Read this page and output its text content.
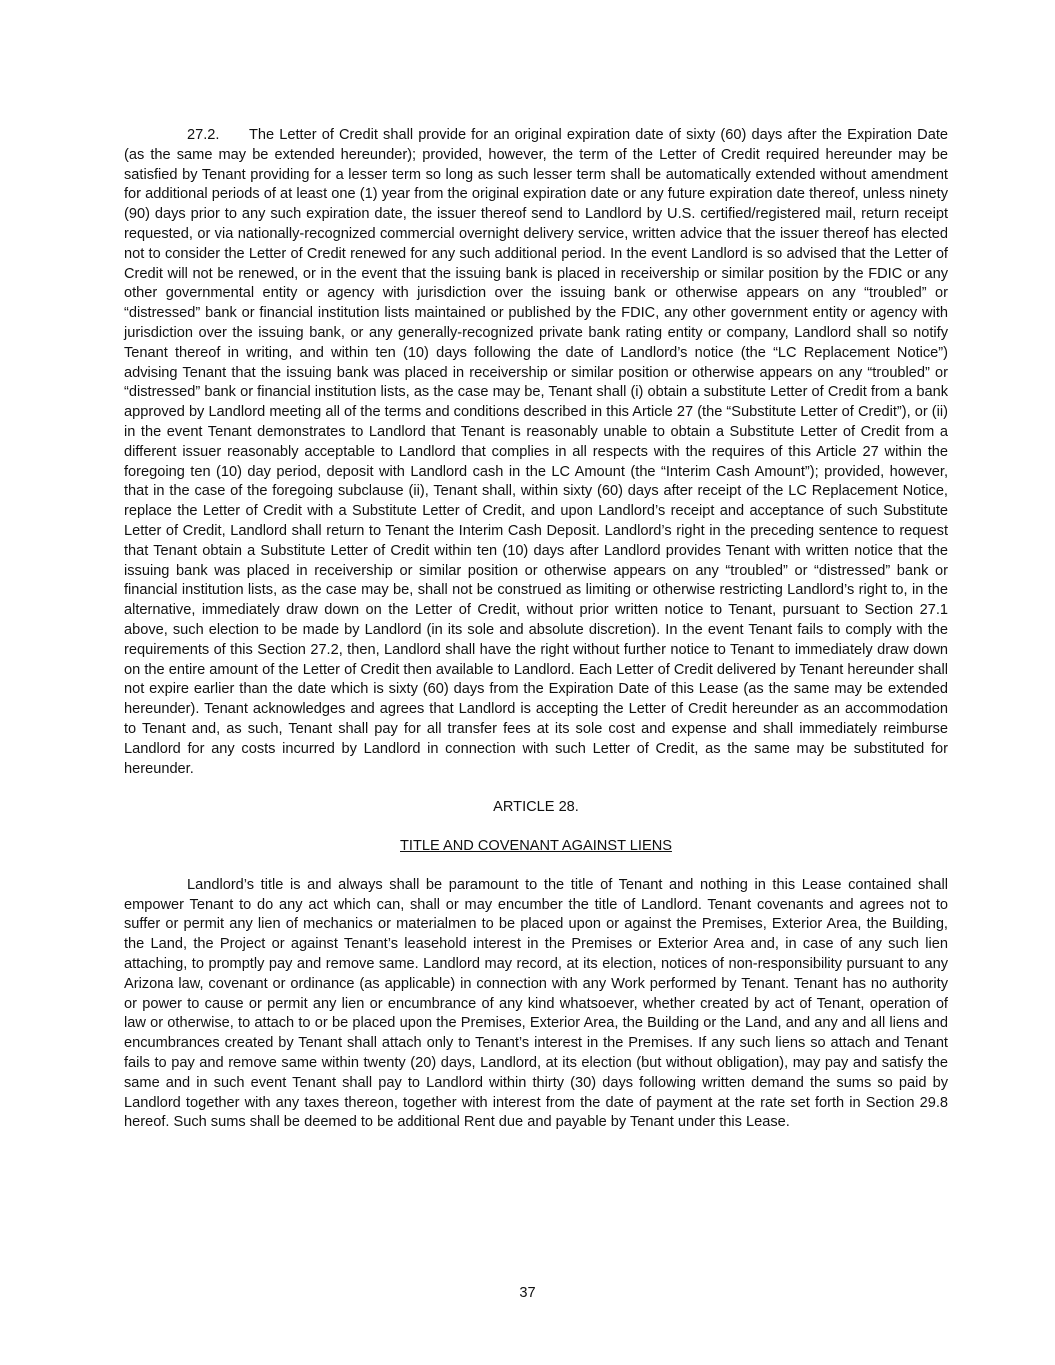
27.2. The Letter of Credit shall provide for an original expiration date of sixty (60) days after the Expiration Date (as the same may be extended hereunder); provided, however, the term of the Letter of Credit required hereunder may be satisfied by Tenant providing for a lesser term so long as such lesser term shall be automatically extended without amendment for additional periods of at least one (1) year from the original expiration date or any future expiration date thereof, unless ninety (90) days prior to any such expiration date, the issuer thereof send to Landlord by U.S. certified/registered mail, return receipt requested, or via nationally-recognized commercial overnight delivery service, written advice that the issuer thereof has elected not to consider the Letter of Credit renewed for any such additional period. In the event Landlord is so advised that the Letter of Credit will not be renewed, or in the event that the issuing bank is placed in receivership or similar position by the FDIC or any other governmental entity or agency with jurisdiction over the issuing bank or otherwise appears on any “troubled” or “distressed” bank or financial institution lists maintained or published by the FDIC, any other government entity or agency with jurisdiction over the issuing bank, or any generally-recognized private bank rating entity or company, Landlord shall so notify Tenant thereof in writing, and within ten (10) days following the date of Landlord’s notice (the “LC Replacement Notice”) advising Tenant that the issuing bank was placed in receivership or similar position or otherwise appears on any “troubled” or “distressed” bank or financial institution lists, as the case may be, Tenant shall (i) obtain a substitute Letter of Credit from a bank approved by Landlord meeting all of the terms and conditions described in this Article 27 (the “Substitute Letter of Credit”), or (ii) in the event Tenant demonstrates to Landlord that Tenant is reasonably unable to obtain a Substitute Letter of Credit from a different issuer reasonably acceptable to Landlord that complies in all respects with the requires of this Article 27 within the foregoing ten (10) day period, deposit with Landlord cash in the LC Amount (the “Interim Cash Amount”); provided, however, that in the case of the foregoing subclause (ii), Tenant shall, within sixty (60) days after receipt of the LC Replacement Notice, replace the Letter of Credit with a Substitute Letter of Credit, and upon Landlord’s receipt and acceptance of such Substitute Letter of Credit, Landlord shall return to Tenant the Interim Cash Deposit. Landlord’s right in the preceding sentence to request that Tenant obtain a Substitute Letter of Credit within ten (10) days after Landlord provides Tenant with written notice that the issuing bank was placed in receivership or similar position or otherwise appears on any “troubled” or “distressed” bank or financial institution lists, as the case may be, shall not be construed as limiting or otherwise restricting Landlord’s right to, in the alternative, immediately draw down on the Letter of Credit, without prior written notice to Tenant, pursuant to Section 27.1 above, such election to be made by Landlord (in its sole and absolute discretion). In the event Tenant fails to comply with the requirements of this Section 27.2, then, Landlord shall have the right without further notice to Tenant to immediately draw down on the entire amount of the Letter of Credit then available to Landlord. Each Letter of Credit delivered by Tenant hereunder shall not expire earlier than the date which is sixty (60) days from the Expiration Date of this Lease (as the same may be extended hereunder). Tenant acknowledges and agrees that Landlord is accepting the Letter of Credit hereunder as an accommodation to Tenant and, as such, Tenant shall pay for all transfer fees at its sole cost and expense and shall immediately reimburse Landlord for any costs incurred by Landlord in connection with such Letter of Credit, as the same may be substituted for hereunder.

ARTICLE 28.

TITLE AND COVENANT AGAINST LIENS

Landlord’s title is and always shall be paramount to the title of Tenant and nothing in this Lease contained shall empower Tenant to do any act which can, shall or may encumber the title of Landlord. Tenant covenants and agrees not to suffer or permit any lien of mechanics or materialmen to be placed upon or against the Premises, Exterior Area, the Building, the Land, the Project or against Tenant’s leasehold interest in the Premises or Exterior Area and, in case of any such lien attaching, to promptly pay and remove same. Landlord may record, at its election, notices of non-responsibility pursuant to any Arizona law, covenant or ordinance (as applicable) in connection with any Work performed by Tenant. Tenant has no authority or power to cause or permit any lien or encumbrance of any kind whatsoever, whether created by act of Tenant, operation of law or otherwise, to attach to or be placed upon the Premises, Exterior Area, the Building or the Land, and any and all liens and encumbrances created by Tenant shall attach only to Tenant’s interest in the Premises. If any such liens so attach and Tenant fails to pay and remove same within twenty (20) days, Landlord, at its election (but without obligation), may pay and satisfy the same and in such event Tenant shall pay to Landlord within thirty (30) days following written demand the sums so paid by Landlord together with any taxes thereon, together with interest from the date of payment at the rate set forth in Section 29.8 hereof. Such sums shall be deemed to be additional Rent due and payable by Tenant under this Lease.

37
